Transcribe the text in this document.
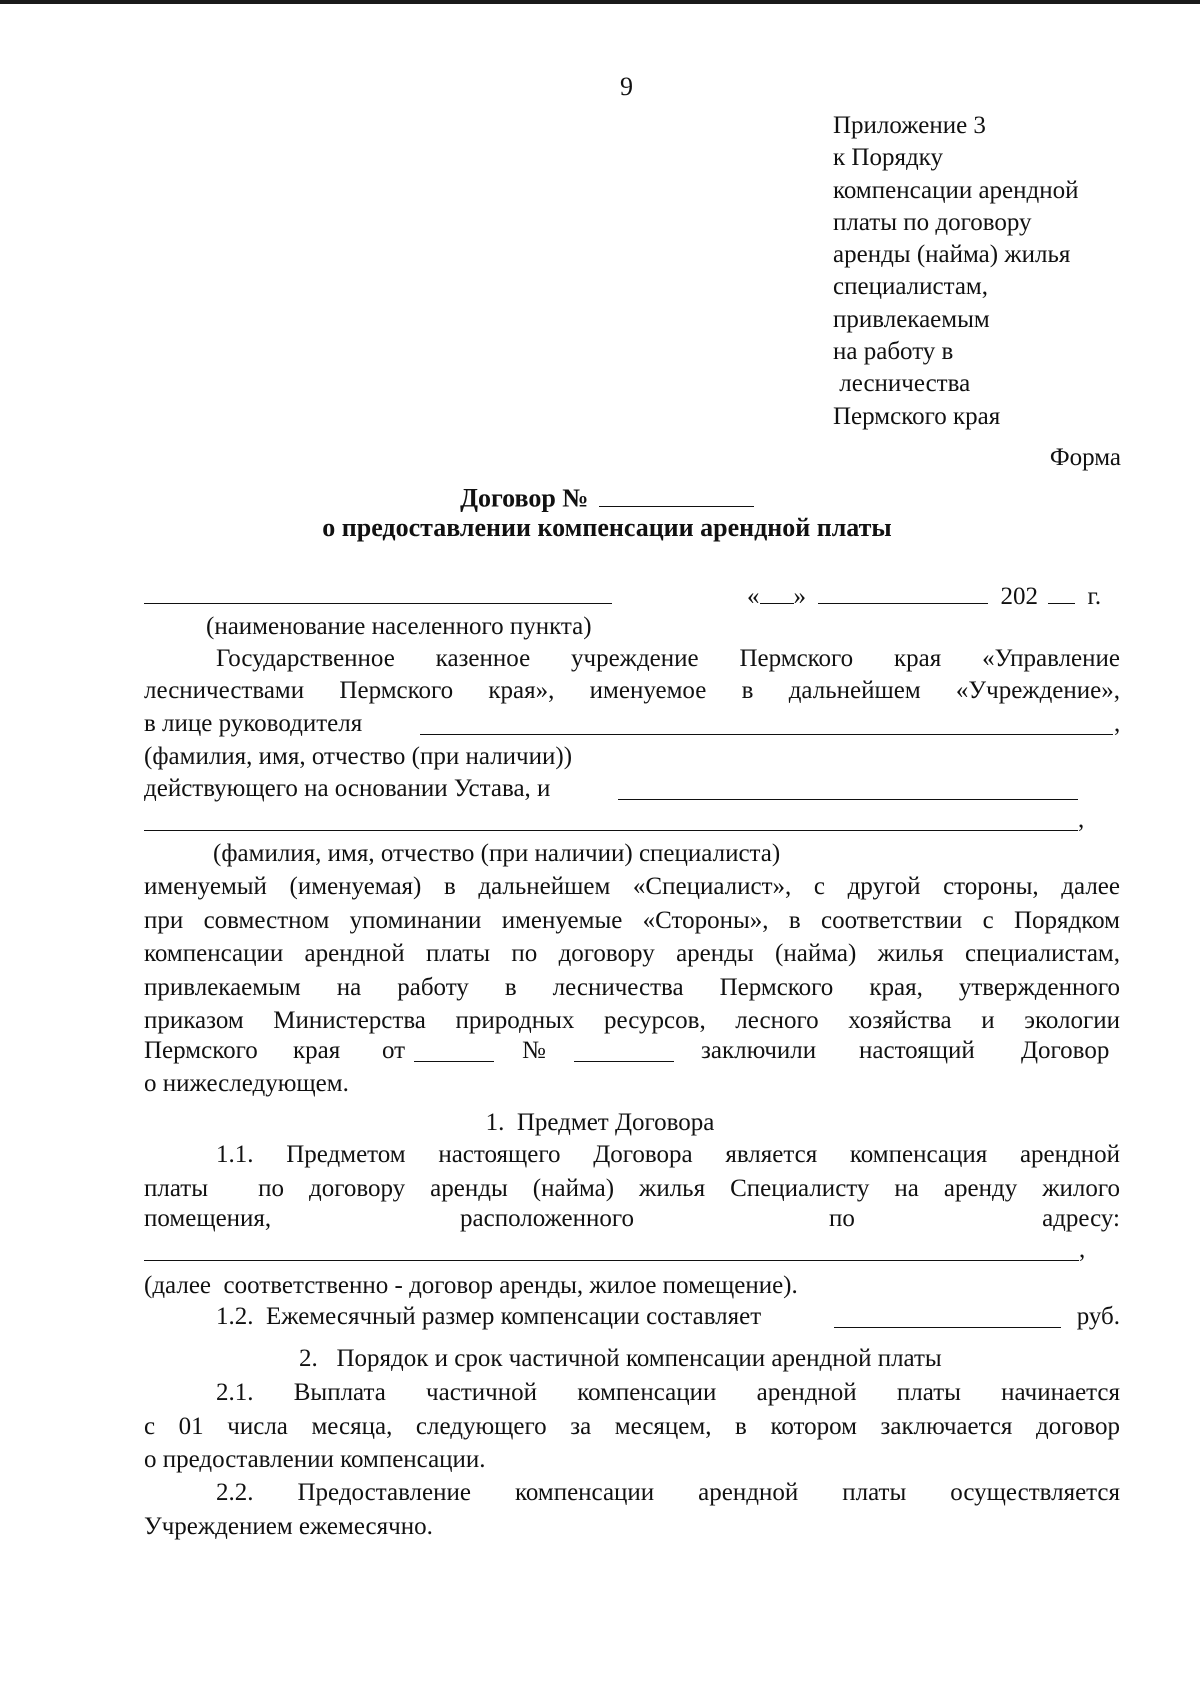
9
Приложение 3
к Порядку
компенсации арендной
платы по договору
аренды (найма) жилья
специалистам,
привлекаемым
на работу в
лесничества
Пермского края
Форма
Договор №
о предоставлении компенсации арендной платы
« »	202 г.
(наименование населенного пункта)
Государственное казенное учреждение Пермского края «Управление
лесничествами Пермского края», именуемое в дальнейшем «Учреждение»,
в лице руководителя	,
(фамилия, имя, отчество (при наличии))
действующего на основании Устава, и
,
(фамилия, имя, отчество (при наличии) специалиста)
именуемый (именуемая) в дальнейшем «Специалист», с другой стороны, далее
при совместном упоминании именуемые «Стороны», в соответствии с Порядком
компенсации арендной платы по договору аренды (найма) жилья специалистам,
привлекаемым на работу в лесничества Пермского края, утвержденного
приказом Министерства природных ресурсов, лесного хозяйства и экологии
Пермского края от	№	заключили настоящий Договор
о нижеследующем.
1.  Предмет Договора
1.1. Предметом настоящего Договора является компенсация арендной
платы  по договору аренды (найма) жилья Специалисту на аренду жилого
помещения,	расположенного	по	адресу:
,
(далее  соответственно - договор аренды, жилое помещение).
1.2.  Ежемесячный размер компенсации составляет	руб.
2.   Порядок и срок частичной компенсации арендной платы
2.1. Выплата частичной компенсации арендной платы начинается
с 01 числа месяца, следующего за месяцем, в котором заключается договор
о предоставлении компенсации.
2.2. Предоставление компенсации арендной платы осуществляется
Учреждением ежемесячно.
